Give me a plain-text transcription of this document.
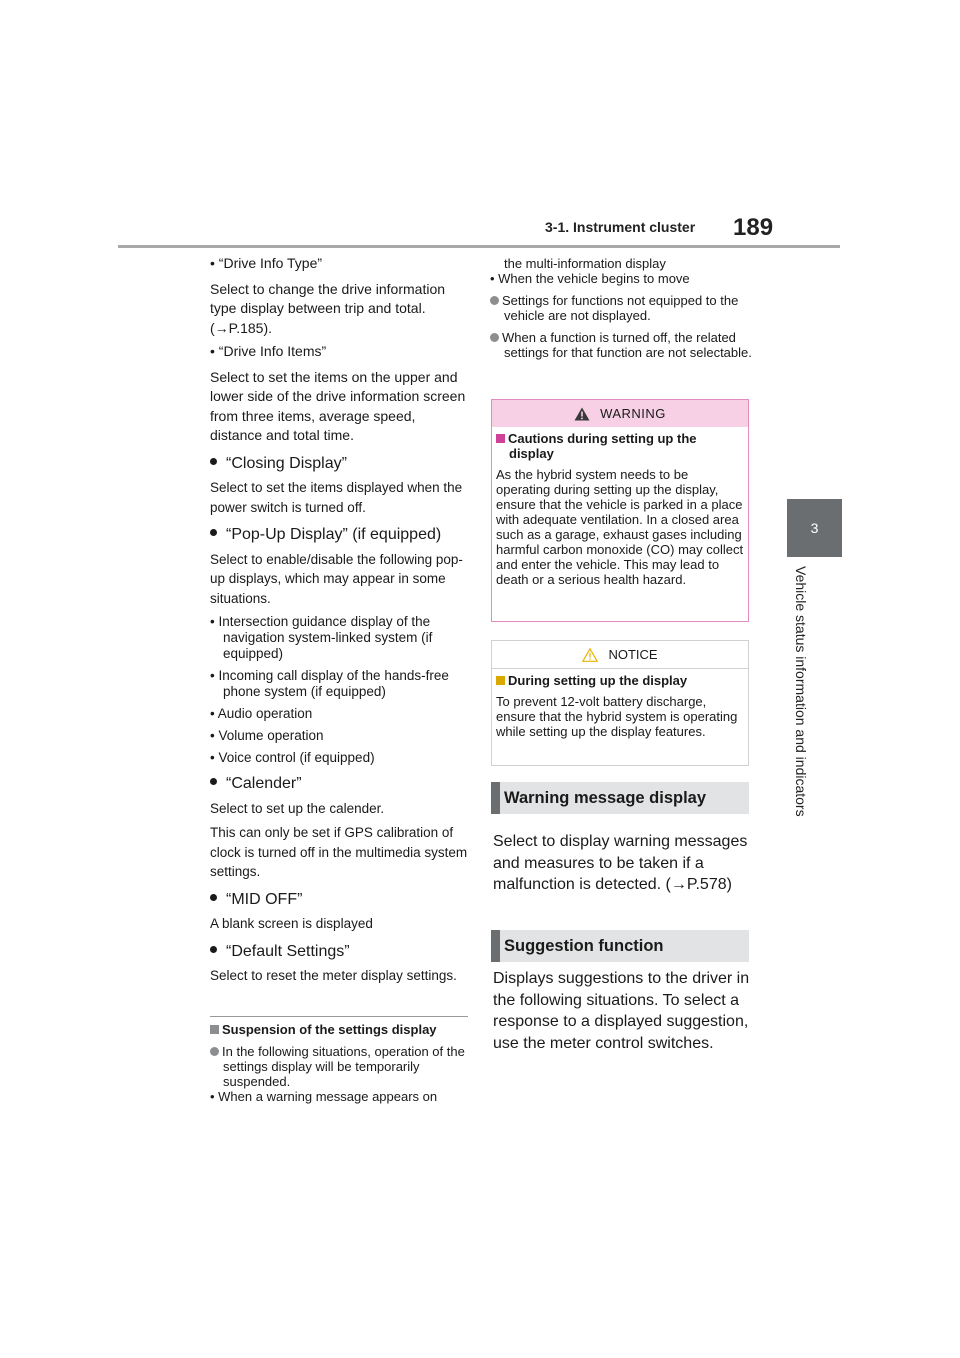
3-1. Instrument cluster 189
3
Vehicle status information and indicators

• “Drive Info Type”

Select to change the drive information type display between trip and total. (→P.185).

• “Drive Info Items”

Select to set the items on the upper and lower side of the drive information screen from three items, average speed, distance and total time.

“Closing Display”

Select to set the items displayed when the power switch is turned off.

“Pop-Up Display” (if equipped)

Select to enable/disable the following pop-up displays, which may appear in some situations.

• Intersection guidance display of the navigation system-linked system (if equipped)

• Incoming call display of the hands-free phone system (if equipped)

• Audio operation

• Volume operation

• Voice control (if equipped)

“Calender”

Select to set up the calender.

This can only be set if GPS calibration of clock is turned off in the multimedia system settings.

“MID OFF”

A blank screen is displayed

“Default Settings”

Select to reset the meter display settings.

Suspension of the settings display

In the following situations, operation of the settings display will be temporarily suspended.

• When a warning message appears on

the multi-information display

• When the vehicle begins to move

Settings for functions not equipped to the vehicle are not displayed.

When a function is turned off, the related settings for that function are not selectable.

WARNING

Cautions during setting up the display

As the hybrid system needs to be operating during setting up the display, ensure that the vehicle is parked in a place with adequate ventilation. In a closed area such as a garage, exhaust gases including harmful carbon monoxide (CO) may collect and enter the vehicle. This may lead to death or a serious health hazard.

NOTICE

During setting up the display

To prevent 12-volt battery discharge, ensure that the hybrid system is operating while setting up the display features.

Warning message display

Select to display warning messages and measures to be taken if a malfunction is detected. (→P.578)

Suggestion function

Displays suggestions to the driver in the following situations. To select a response to a displayed suggestion, use the meter control switches.
